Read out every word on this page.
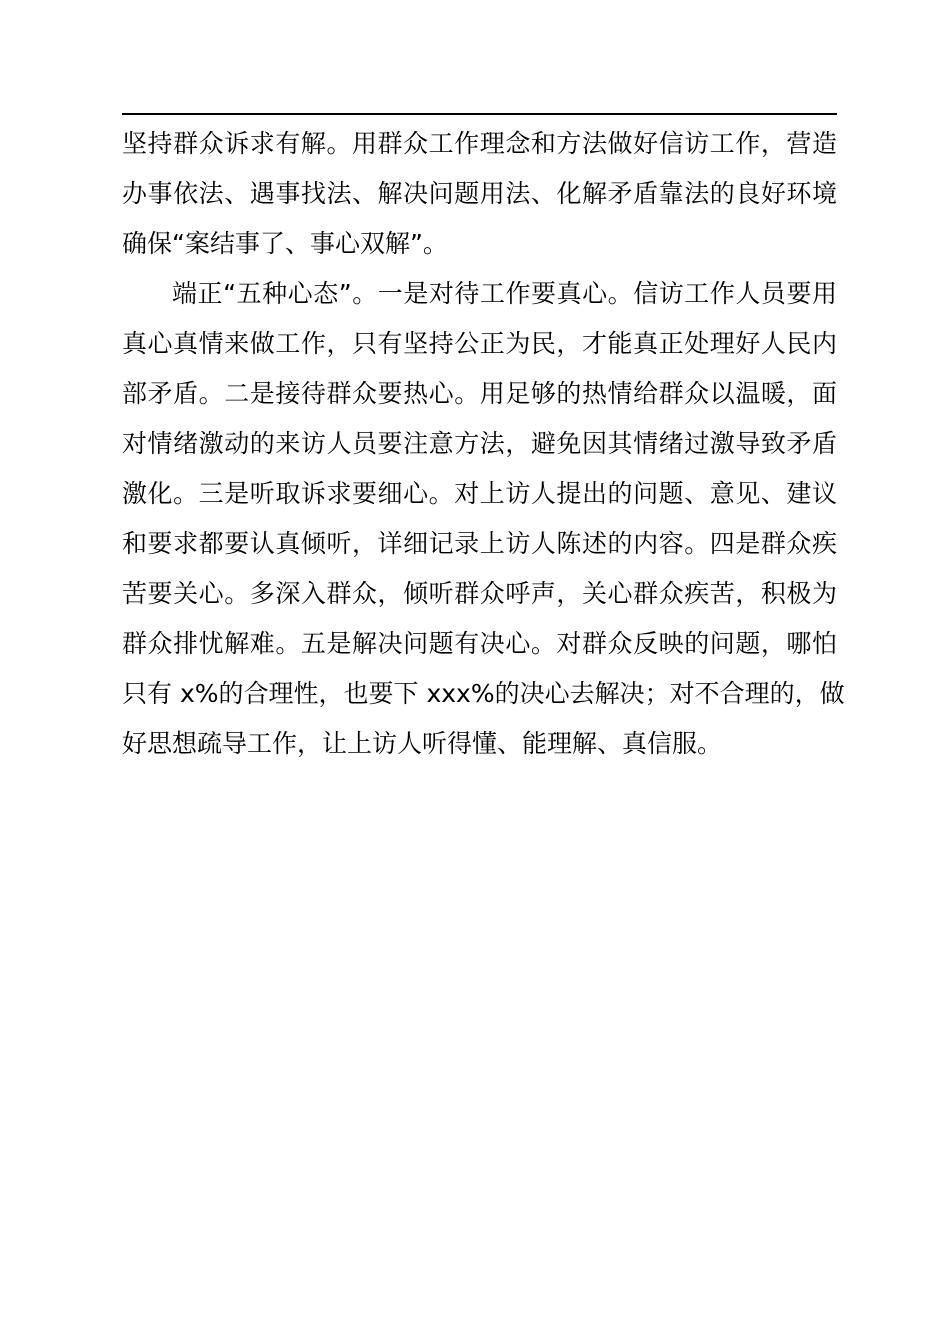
坚持群众诉求有解。用群众工作理念和方法做好信访工作，营造
办事依法、遇事找法、解决问题用法、化解矛盾靠法的良好环境
确保“案结事了、事心双解”。
端正“五种心态”。一是对待工作要真心。信访工作人员要用
真心真情来做工作，只有坚持公正为民，才能真正处理好人民内
部矛盾。二是接待群众要热心。用足够的热情给群众以温暖，面
对情绪激动的来访人员要注意方法，避免因其情绪过激导致矛盾
激化。三是听取诉求要细心。对上访人提出的问题、意见、建议
和要求都要认真倾听，详细记录上访人陈述的内容。四是群众疾
苦要关心。多深入群众，倾听群众呼声，关心群众疾苦，积极为
群众排忧解难。五是解决问题有决心。对群众反映的问题，哪怕
只有 x%的合理性，也要下 xxx%的决心去解决；对不合理的，做
好思想疏导工作，让上访人听得懂、能理解、真信服。
